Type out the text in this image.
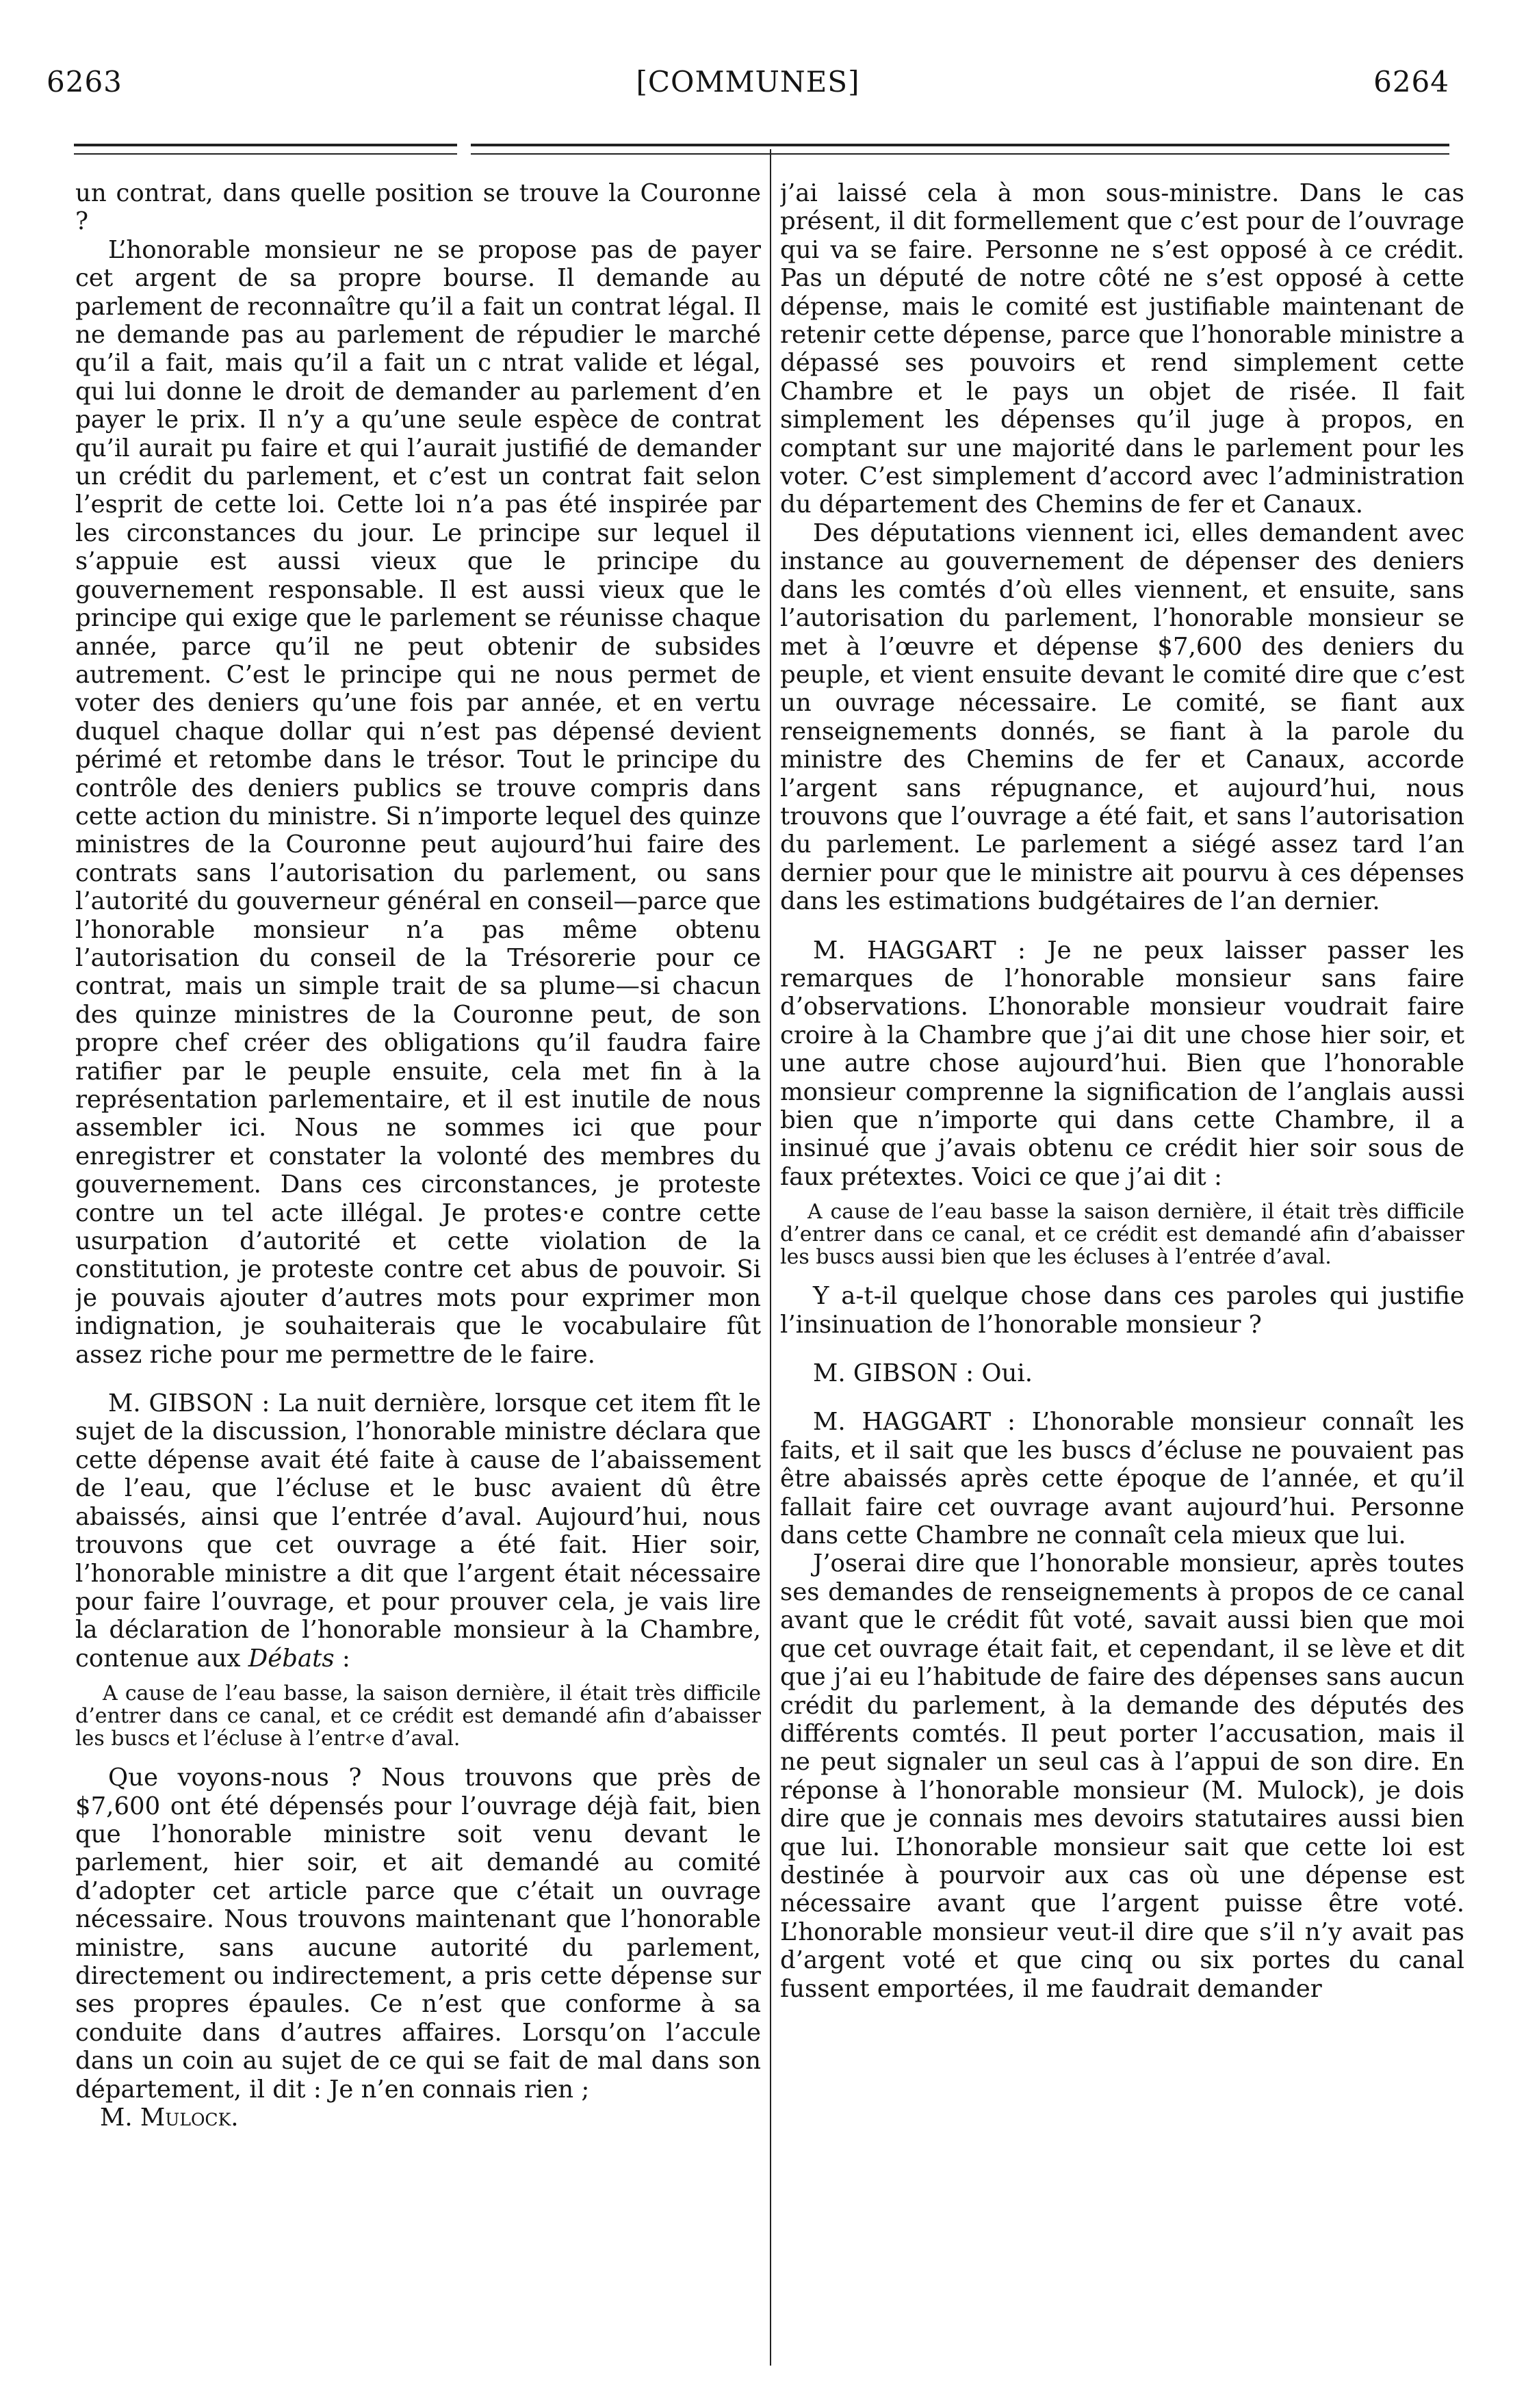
6263	[COMMUNES]	6264

un contrat, dans quelle position se trouve la Couronne ?

L’honorable monsieur ne se propose pas de payer cet argent de sa propre bourse. Il demande au parlement de reconnaître qu’il a fait un contrat légal. Il ne demande pas au parlement de répudier le marché qu’il a fait, mais qu’il a fait un c ntrat valide et légal, qui lui donne le droit de demander au parlement d’en payer le prix. Il n’y a qu’une seule espèce de contrat qu’il aurait pu faire et qui l’aurait justifié de demander un crédit du parlement, et c’est un contrat fait selon l’esprit de cette loi. Cette loi n’a pas été inspirée par les circonstances du jour. Le principe sur lequel il s’appuie est aussi vieux que le principe du gouvernement responsable. Il est aussi vieux que le principe qui exige que le parlement se réunisse chaque année, parce qu’il ne peut obtenir de subsides autrement. C’est le principe qui ne nous permet de voter des deniers qu’une fois par année, et en vertu duquel chaque dollar qui n’est pas dépensé devient périmé et retombe dans le trésor. Tout le principe du contrôle des deniers publics se trouve compris dans cette action du ministre. Si n’importe lequel des quinze ministres de la Couronne peut aujourd’hui faire des contrats sans l’autorisation du parlement, ou sans l’autorité du gouverneur général en conseil—parce que l’honorable monsieur n’a pas même obtenu l’autorisation du conseil de la Trésorerie pour ce contrat, mais un simple trait de sa plume—si chacun des quinze ministres de la Couronne peut, de son propre chef créer des obligations qu’il faudra faire ratifier par le peuple ensuite, cela met fin à la représentation parlementaire, et il est inutile de nous assembler ici. Nous ne sommes ici que pour enregistrer et constater la volonté des membres du gouvernement. Dans ces circonstances, je proteste contre un tel acte illégal. Je protes‧e contre cette usurpation d’autorité et cette violation de la constitution, je proteste contre cet abus de pouvoir. Si je pouvais ajouter d’autres mots pour exprimer mon indignation, je souhaiterais que le vocabulaire fût assez riche pour me permettre de le faire.

M. GIBSON : La nuit dernière, lorsque cet item fît le sujet de la discussion, l’honorable ministre déclara que cette dépense avait été faite à cause de l’abaissement de l’eau, que l’écluse et le busc avaient dû être abaissés, ainsi que l’entrée d’aval. Aujourd’hui, nous trouvons que cet ouvrage a été fait. Hier soir, l’honorable ministre a dit que l’argent était nécessaire pour faire l’ouvrage, et pour prouver cela, je vais lire la déclaration de l’honorable monsieur à la Chambre, contenue aux Débats :

A cause de l’eau basse, la saison dernière, il était très difficile d’entrer dans ce canal, et ce crédit est demandé afin d’abaisser les buscs et l’écluse à l’entr‹e d’aval.

Que voyons-nous ? Nous trouvons que près de $7,600 ont été dépensés pour l’ouvrage déjà fait, bien que l’honorable ministre soit venu devant le parlement, hier soir, et ait demandé au comité d’adopter cet article parce que c’était un ouvrage nécessaire. Nous trouvons maintenant que l’honorable ministre, sans aucune autorité du parlement, directement ou indirectement, a pris cette dépense sur ses propres épaules. Ce n’est que conforme à sa conduite dans d’autres affaires. Lorsqu’on l’accule dans un coin au sujet de ce qui se fait de mal dans son département, il dit : Je n’en connais rien ;

M. Mulock.

j’ai laissé cela à mon sous-ministre. Dans le cas présent, il dit formellement que c’est pour de l’ouvrage qui va se faire. Personne ne s’est opposé à ce crédit. Pas un député de notre côté ne s’est opposé à cette dépense, mais le comité est justifiable maintenant de retenir cette dépense, parce que l’honorable ministre a dépassé ses pouvoirs et rend simplement cette Chambre et le pays un objet de risée. Il fait simplement les dépenses qu’il juge à propos, en comptant sur une majorité dans le parlement pour les voter. C’est simplement d’accord avec l’administration du département des Chemins de fer et Canaux.

Des députations viennent ici, elles demandent avec instance au gouvernement de dépenser des deniers dans les comtés d’où elles viennent, et ensuite, sans l’autorisation du parlement, l’honorable monsieur se met à l’œuvre et dépense $7,600 des deniers du peuple, et vient ensuite devant le comité dire que c’est un ouvrage nécessaire. Le comité, se fiant aux renseignements donnés, se fiant à la parole du ministre des Chemins de fer et Canaux, accorde l’argent sans répugnance, et aujourd’hui, nous trouvons que l’ouvrage a été fait, et sans l’autorisation du parlement. Le parlement a siégé assez tard l’an dernier pour que le ministre ait pourvu à ces dépenses dans les estimations budgétaires de l’an dernier.

M. HAGGART : Je ne peux laisser passer les remarques de l’honorable monsieur sans faire d’observations. L’honorable monsieur voudrait faire croire à la Chambre que j’ai dit une chose hier soir, et une autre chose aujourd’hui. Bien que l’honorable monsieur comprenne la signification de l’anglais aussi bien que n’importe qui dans cette Chambre, il a insinué que j’avais obtenu ce crédit hier soir sous de faux prétextes. Voici ce que j’ai dit :

A cause de l’eau basse la saison dernière, il était très difficile d’entrer dans ce canal, et ce crédit est demandé afin d’abaisser les buscs aussi bien que les écluses à l’entrée d’aval.

Y a-t-il quelque chose dans ces paroles qui justifie l’insinuation de l’honorable monsieur ?

M. GIBSON : Oui.

M. HAGGART : L’honorable monsieur connaît les faits, et il sait que les buscs d’écluse ne pouvaient pas être abaissés après cette époque de l’année, et qu’il fallait faire cet ouvrage avant aujourd’hui. Personne dans cette Chambre ne connaît cela mieux que lui.

J’oserai dire que l’honorable monsieur, après toutes ses demandes de renseignements à propos de ce canal avant que le crédit fût voté, savait aussi bien que moi que cet ouvrage était fait, et cependant, il se lève et dit que j’ai eu l’habitude de faire des dépenses sans aucun crédit du parlement, à la demande des députés des différents comtés. Il peut porter l’accusation, mais il ne peut signaler un seul cas à l’appui de son dire. En réponse à l’honorable monsieur (M. Mulock), je dois dire que je connais mes devoirs statutaires aussi bien que lui. L’honorable monsieur sait que cette loi est destinée à pourvoir aux cas où une dépense est nécessaire avant que l’argent puisse être voté. L’honorable monsieur veut-il dire que s’il n’y avait pas d’argent voté et que cinq ou six portes du canal fussent emportées, il me faudrait demander
